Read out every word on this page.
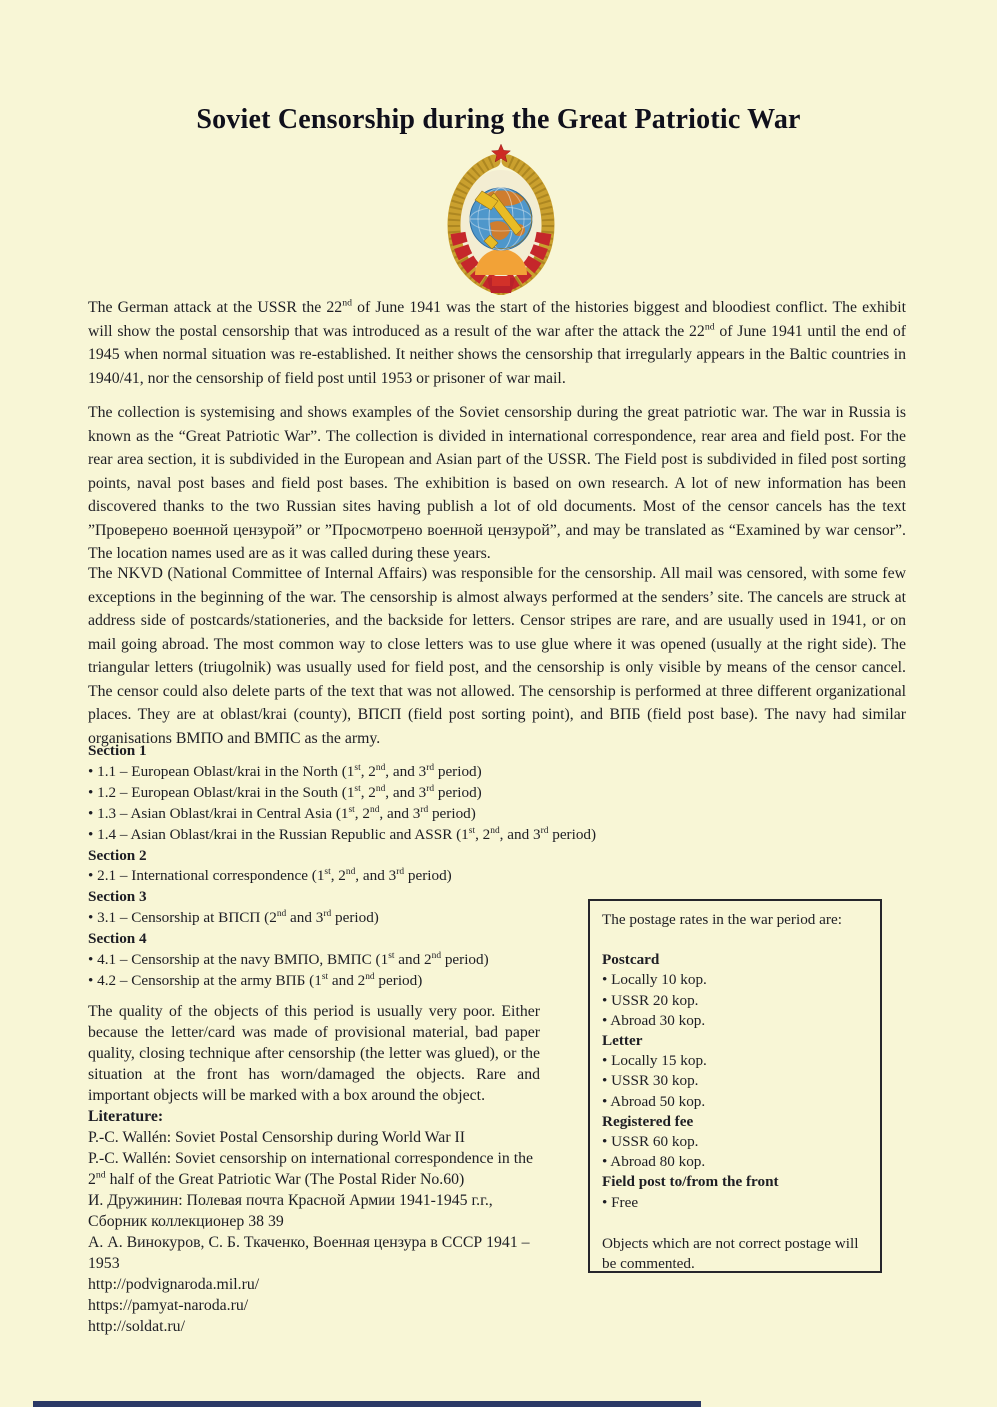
Soviet Censorship during the Great Patriotic War
The German attack at the USSR the 22nd of June 1941 was the start of the histories biggest and bloodiest conflict. The exhibit will show the postal censorship that was introduced as a result of the war after the attack the 22nd of June 1941 until the end of 1945 when normal situation was re-established. It neither shows the censorship that irregularly appears in the Baltic countries in 1940/41, nor the censorship of field post until 1953 or prisoner of war mail.
The collection is systemising and shows examples of the Soviet censorship during the great patriotic war. The war in Russia is known as the “Great Patriotic War”. The collection is divided in international correspondence, rear area and field post. For the rear area section, it is subdivided in the European and Asian part of the USSR. The Field post is subdivided in filed post sorting points, naval post bases and field post bases. The exhibition is based on own research. A lot of new information has been discovered thanks to the two Russian sites having publish a lot of old documents. Most of the censor cancels has the text ”Проверено военной цензурой” or ”Просмотрено военной цензурой”, and may be translated as “Examined by war censor”. The location names used are as it was called during these years.
The NKVD (National Committee of Internal Affairs) was responsible for the censorship. All mail was censored, with some few exceptions in the beginning of the war. The censorship is almost always performed at the senders’ site. The cancels are struck at address side of postcards/stationeries, and the backside for letters. Censor stripes are rare, and are usually used in 1941, or on mail going abroad. The most common way to close letters was to use glue where it was opened (usually at the right side). The triangular letters (triugolnik) was usually used for field post, and the censorship is only visible by means of the censor cancel. The censor could also delete parts of the text that was not allowed. The censorship is performed at three different organizational places. They are at oblast/krai (county), ВПСП (field post sorting point), and ВПБ (field post base). The navy had similar organisations ВМПО and ВМПС as the army.
Section 1
• 1.1 – European Oblast/krai in the North (1st, 2nd, and 3rd period)
• 1.2 – European Oblast/krai in the South (1st, 2nd, and 3rd period)
• 1.3 – Asian Oblast/krai in Central Asia (1st, 2nd, and 3rd period)
• 1.4 – Asian Oblast/krai in the Russian Republic and ASSR (1st, 2nd, and 3rd period)
Section 2
• 2.1 – International correspondence (1st, 2nd, and 3rd period)
Section 3
• 3.1 – Censorship at ВПСП (2nd and 3rd period)
Section 4
• 4.1 – Censorship at the navy ВМПО, ВМПС (1st and 2nd period)
• 4.2 – Censorship at the army ВПБ (1st and 2nd period)
The quality of the objects of this period is usually very poor. Either because the letter/card was made of provisional material, bad paper quality, closing technique after censorship (the letter was glued), or the situation at the front has worn/damaged the objects. Rare and important objects will be marked with a box around the object.
Literature:
P.-C. Wallén: Soviet Postal Censorship during World War II
P.-C. Wallén: Soviet censorship on international correspondence in the 2nd half of the Great Patriotic War (The Postal Rider No.60)
И. Дружинин: Полевая почта Красной Армии 1941-1945 г.г., Сборник коллекционер 38 39
А. А. Винокуров, С. Б. Ткаченко, Военная цензура в СССР 1941 – 1953
http://podvignaroda.mil.ru/
https://pamyat-naroda.ru/
http://soldat.ru/
The postage rates in the war period are:
Postcard
• Locally 10 kop.
• USSR 20 kop.
• Abroad 30 kop.
Letter
• Locally 15 kop.
• USSR 30 kop.
• Abroad 50 kop.
Registered fee
• USSR 60 kop.
• Abroad 80 kop.
Field post to/from the front
• Free
Objects which are not correct postage will be commented.
